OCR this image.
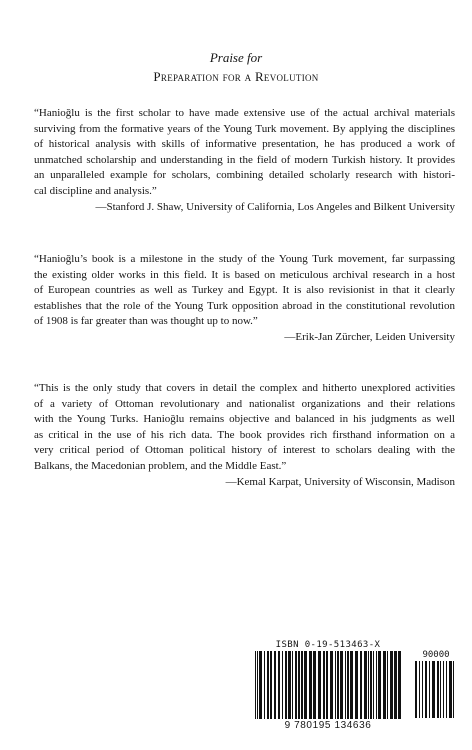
Praise for
Preparation for a Revolution
“Hanioğlu is the first scholar to have made extensive use of the actual archival materials
surviving from the formative years of the Young Turk movement. By applying the disciplines
of historical analysis with skills of informative presentation, he has produced a work of
unmatched scholarship and understanding in the field of modern Turkish history. It provides
an unparalleled example for scholars, combining detailed scholarly research with histori-
cal discipline and analysis.”
—Stanford J. Shaw, University of California, Los Angeles and Bilkent University
“Hanioğlu’s book is a milestone in the study of the Young Turk movement, far surpassing
the existing older works in this field. It is based on meticulous archival research in a host
of European countries as well as Turkey and Egypt. It is also revisionist in that it clearly
establishes that the role of the Young Turk opposition abroad in the constitutional revolution
of 1908 is far greater than was thought up to now.”
—Erik-Jan Zürcher, Leiden University
“This is the only study that covers in detail the complex and hitherto unexplored activities
of a variety of Ottoman revolutionary and nationalist organizations and their relations
with the Young Turks. Hanioğlu remains objective and balanced in his judgments as well
as critical in the use of his rich data. The book provides rich firsthand information on a
very critical period of Ottoman political history of interest to scholars dealing with the
Balkans, the Macedonian problem, and the Middle East.”
—Kemal Karpat, University of Wisconsin, Madison
ISBN 0-19-513463-X
9 780195 134636
90000
